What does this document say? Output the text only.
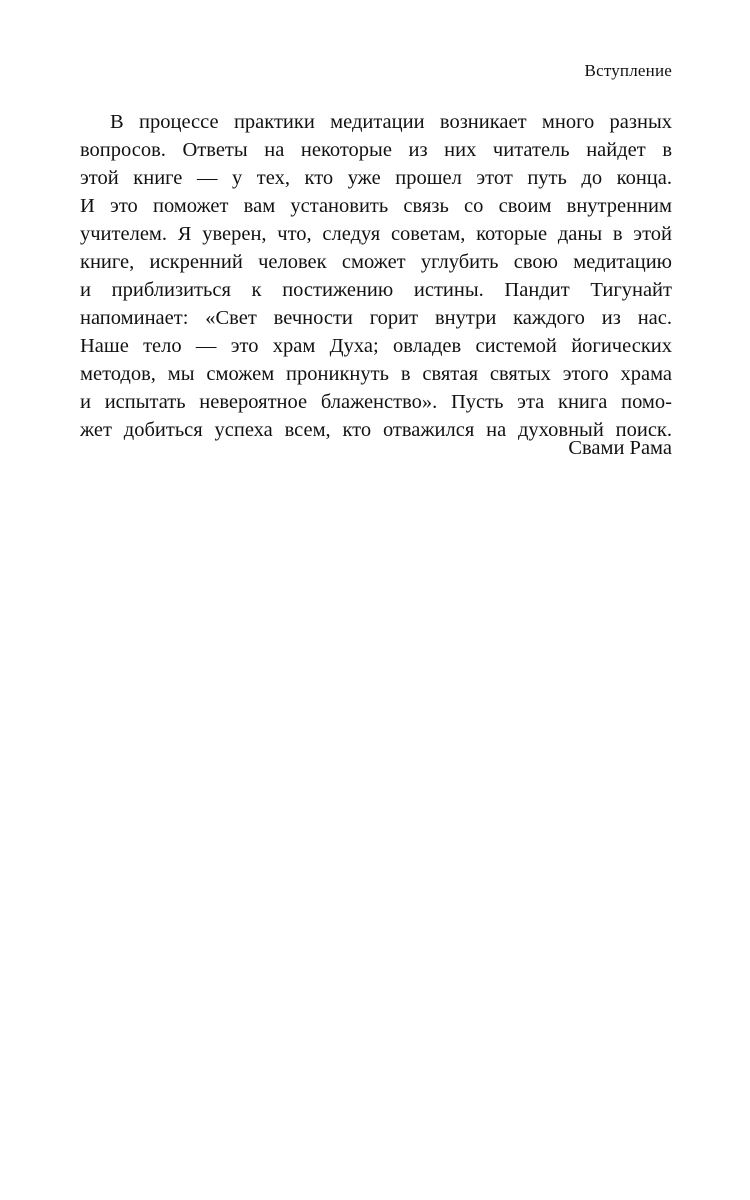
Вступление
В процессе практики медитации возникает много разных
вопросов. Ответы на некоторые из них читатель найдет в
этой книге — у тех, кто уже прошел этот путь до конца.
И это поможет вам установить связь со своим внутренним
учителем. Я уверен, что, следуя советам, которые даны в этой
книге, искренний человек сможет углубить свою медитацию
и приблизиться к постижению истины. Пандит Тигунайт
напоминает: «Свет вечности горит внутри каждого из нас.
Наше тело — это храм Духа; овладев системой йогических
методов, мы сможем проникнуть в святая святых этого храма
и испытать невероятное блаженство». Пусть эта книга помо-
жет добиться успеха всем, кто отважился на духовный поиск.
Свами Рама
